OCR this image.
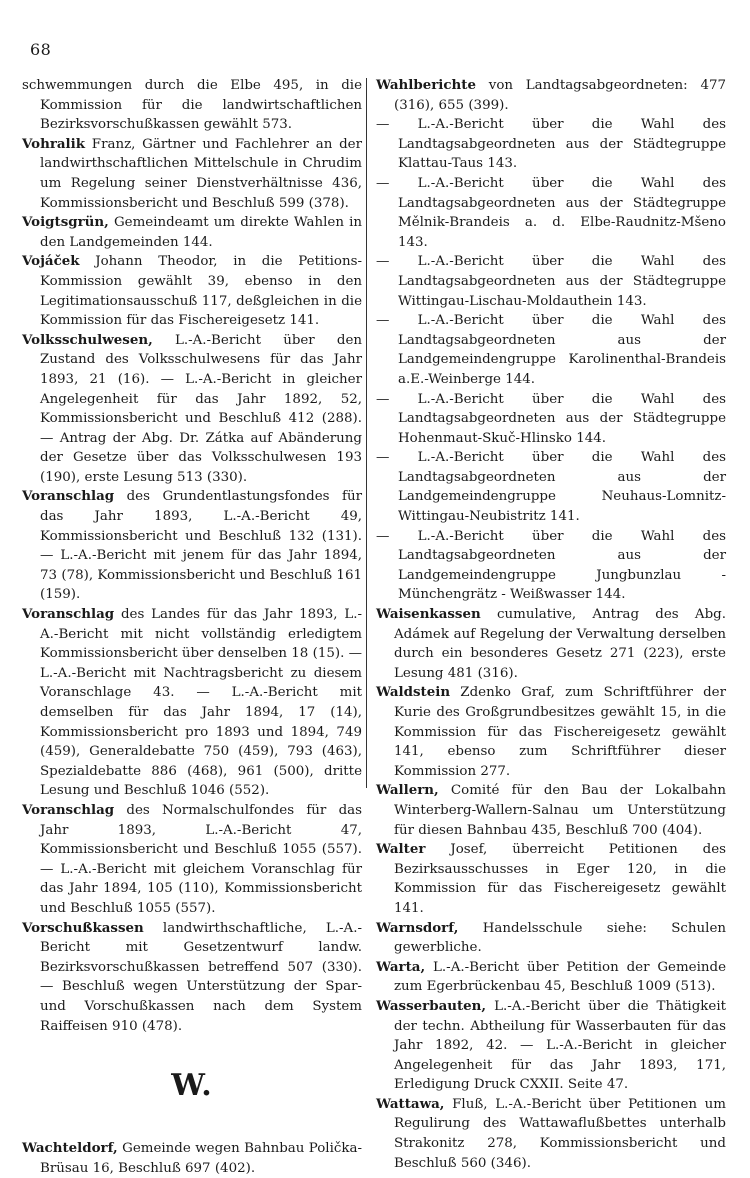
68
schwemmungen durch die Elbe 495, in die Kommission für die landwirtschaftlichen Bezirksvorschußkassen gewählt 573.
Vohralik Franz, Gärtner und Fachlehrer an der landwirthschaftlichen Mittelschule in Chrudim um Regelung seiner Dienstverhältnisse 436, Kommissionsbericht und Beschluß 599 (378).
Voigtsgrün, Gemeindeamt um direkte Wahlen in den Landgemeinden 144.
Vojáček Johann Theodor, in die Petitions-Kommission gewählt 39, ebenso in den Legitimationsausschuß 117, deßgleichen in die Kommission für das Fischereigesetz 141.
Volksschulwesen, L.-A.-Bericht über den Zustand des Volksschulwesens für das Jahr 1893, 21 (16). — L.-A.-Bericht in gleicher Angelegenheit für das Jahr 1892, 52, Kommissionsbericht und Beschluß 412 (288). — Antrag der Abg. Dr. Zátka auf Abänderung der Gesetze über das Volksschulwesen 193 (190), erste Lesung 513 (330).
Voranschlag des Grundentlastungsfondes für das Jahr 1893, L.-A.-Bericht 49, Kommissionsbericht und Beschluß 132 (131). — L.-A.-Bericht mit jenem für das Jahr 1894, 73 (78), Kommissionsbericht und Beschluß 161 (159).
Voranschlag des Landes für das Jahr 1893, L.-A.-Bericht mit nicht vollständig erledigtem Kommissionsbericht über denselben 18 (15). — L.-A.-Bericht mit Nachtragsbericht zu diesem Voranschlage 43. — L.-A.-Bericht mit demselben für das Jahr 1894, 17 (14), Kommissionsbericht pro 1893 und 1894, 749 (459), Generaldebatte 750 (459), 793 (463), Spezialdebatte 886 (468), 961 (500), dritte Lesung und Beschluß 1046 (552).
Voranschlag des Normalschulfondes für das Jahr 1893, L.-A.-Bericht 47, Kommissionsbericht und Beschluß 1055 (557). — L.-A.-Bericht mit gleichem Voranschlag für das Jahr 1894, 105 (110), Kommissionsbericht und Beschluß 1055 (557).
Vorschußkassen landwirthschaftliche, L.-A.-Bericht mit Gesetzentwurf landw. Bezirksvorschußkassen betreffend 507 (330). — Beschluß wegen Unterstützung der Spar- und Vorschußkassen nach dem System Raiffeisen 910 (478).
W.
Wachteldorf, Gemeinde wegen Bahnbau Polička-Brüsau 16, Beschluß 697 (402).
Wahlberichte von Landtagsabgeordneten: 477 (316), 655 (399).
— L.-A.-Bericht über die Wahl des Landtagsabgeordneten aus der Städtegruppe Klattau-Taus 143.
— L.-A.-Bericht über die Wahl des Landtagsabgeordneten aus der Städtegruppe Mělnik-Brandeis a. d. Elbe-Raudnitz-Mšeno 143.
— L.-A.-Bericht über die Wahl des Landtagsabgeordneten aus der Städtegruppe Wittingau-Lischau-Moldauthein 143.
— L.-A.-Bericht über die Wahl des Landtagsabgeordneten aus der Landgemeindengruppe Karolinenthal-Brandeis a.E.-Weinberge 144.
— L.-A.-Bericht über die Wahl des Landtagsabgeordneten aus der Städtegruppe Hohenmaut-Skuč-Hlinsko 144.
— L.-A.-Bericht über die Wahl des Landtagsabgeordneten aus der Landgemeindengruppe Neuhaus-Lomnitz-Wittingau-Neubistritz 141.
— L.-A.-Bericht über die Wahl des Landtagsabgeordneten aus der Landgemeindengruppe Jungbunzlau - Münchengrätz - Weißwasser 144.
Waisenkassen cumulative, Antrag des Abg. Adámek auf Regelung der Verwaltung derselben durch ein besonderes Gesetz 271 (223), erste Lesung 481 (316).
Waldstein Zdenko Graf, zum Schriftführer der Kurie des Großgrundbesitzes gewählt 15, in die Kommission für das Fischereigesetz gewählt 141, ebenso zum Schriftführer dieser Kommission 277.
Wallern, Comité für den Bau der Lokalbahn Winterberg-Wallern-Salnau um Unterstützung für diesen Bahnbau 435, Beschluß 700 (404).
Walter Josef, überreicht Petitionen des Bezirksausschusses in Eger 120, in die Kommission für das Fischereigesetz gewählt 141.
Warnsdorf, Handelsschule siehe: Schulen gewerbliche.
Warta, L.-A.-Bericht über Petition der Gemeinde zum Egerbrückenbau 45, Beschluß 1009 (513).
Wasserbauten, L.-A.-Bericht über die Thätigkeit der techn. Abtheilung für Wasserbauten für das Jahr 1892, 42. — L.-A.-Bericht in gleicher Angelegenheit für das Jahr 1893, 171, Erledigung Druck CXXII. Seite 47.
Wattawa, Fluß, L.-A.-Bericht über Petitionen um Regulirung des Wattawaflußbettes unterhalb Strakonitz 278, Kommissionsbericht und Beschluß 560 (346).
